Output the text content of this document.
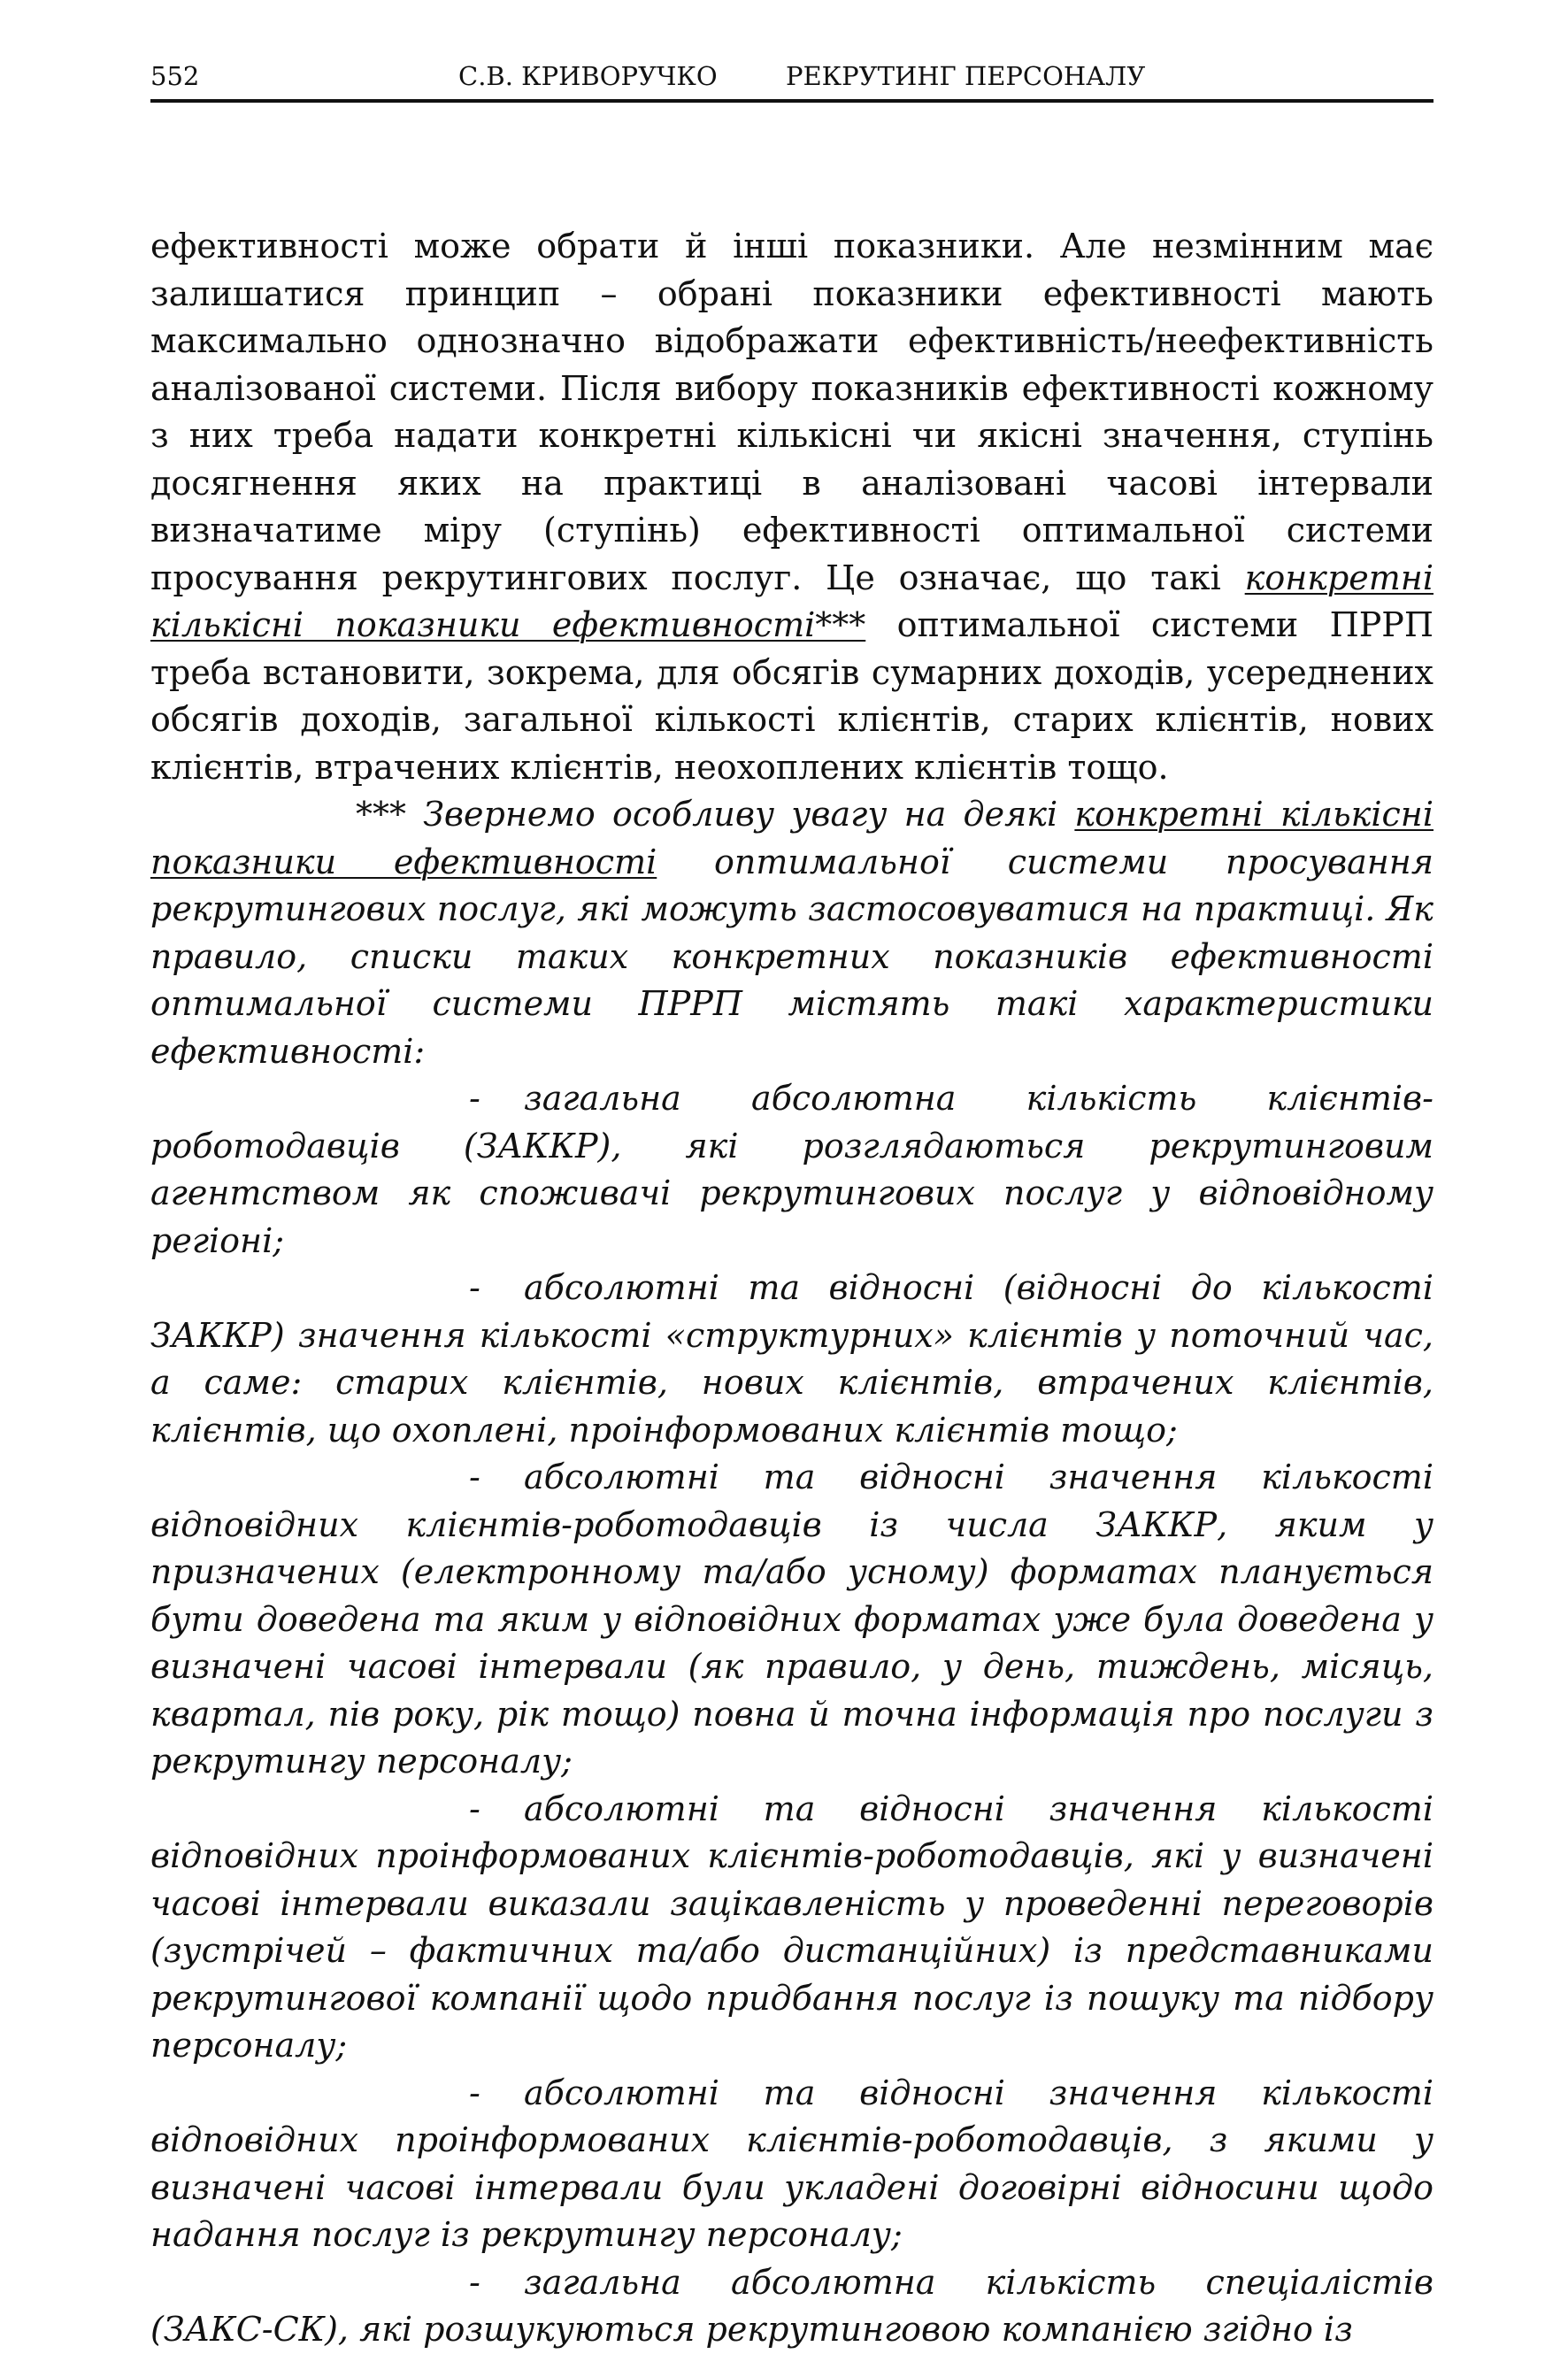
552	С.В. КРИВОРУЧКО	РЕКРУТИНГ ПЕРСОНАЛУ

ефективності може обрати й інші показники. Але незмінним має залишатися принцип – обрані показники ефективності мають максимально однозначно відображати ефективність/неефективність аналізованої системи. Після вибору показників ефективності кожному з них треба надати конкретні кількісні чи якісні значення, ступінь досягнення яких на практиці в аналізовані часові інтервали визначатиме міру (ступінь) ефективності оптимальної системи просування рекрутингових послуг. Це означає, що такі конкретні кількісні показники ефективності*** оптимальної системи ПРРП треба встановити, зокрема, для обсягів сумарних доходів, усереднених обсягів доходів, загальної кількості клієнтів, старих клієнтів, нових клієнтів, втрачених клієнтів, неохоплених клієнтів тощо.

*** Звернемо особливу увагу на деякі конкретні кількісні показники ефективності оптимальної системи просування рекрутингових послуг, які можуть застосовуватися на практиці. Як правило, списки таких конкретних показників ефективності оптимальної системи ПРРП містять такі характеристики ефективності:

- загальна абсолютна кількість клієнтів-роботодавців (ЗАККР), які розглядаються рекрутинговим агентством як споживачі рекрутингових послуг у відповідному регіоні;

- абсолютні та відносні (відносні до кількості ЗАККР) значення кількості «структурних» клієнтів у поточний час, а саме: старих клієнтів, нових клієнтів, втрачених клієнтів, клієнтів, що охоплені, проінформованих клієнтів тощо;

- абсолютні та відносні значення кількості відповідних клієнтів-роботодавців із числа ЗАККР, яким у призначених (електронному та/або усному) форматах планується бути доведена та яким у відповідних форматах уже була доведена у визначені часові інтервали (як правило, у день, тиждень, місяць, квартал, пів року, рік тощо) повна й точна інформація про послуги з рекрутингу персоналу;

- абсолютні та відносні значення кількості відповідних проінформованих клієнтів-роботодавців, які у визначені часові інтервали виказали зацікавленість у проведенні переговорів (зустрічей – фактичних та/або дистанційних) із представниками рекрутингової компанії щодо придбання послуг із пошуку та підбору персоналу;

- абсолютні та відносні значення кількості відповідних проінформованих клієнтів-роботодавців, з якими у визначені часові інтервали були укладені договірні відносини щодо надання послуг із рекрутингу персоналу;

- загальна абсолютна кількість спеціалістів (ЗАКС-СК), які розшукуються рекрутинговою компанією згідно із
